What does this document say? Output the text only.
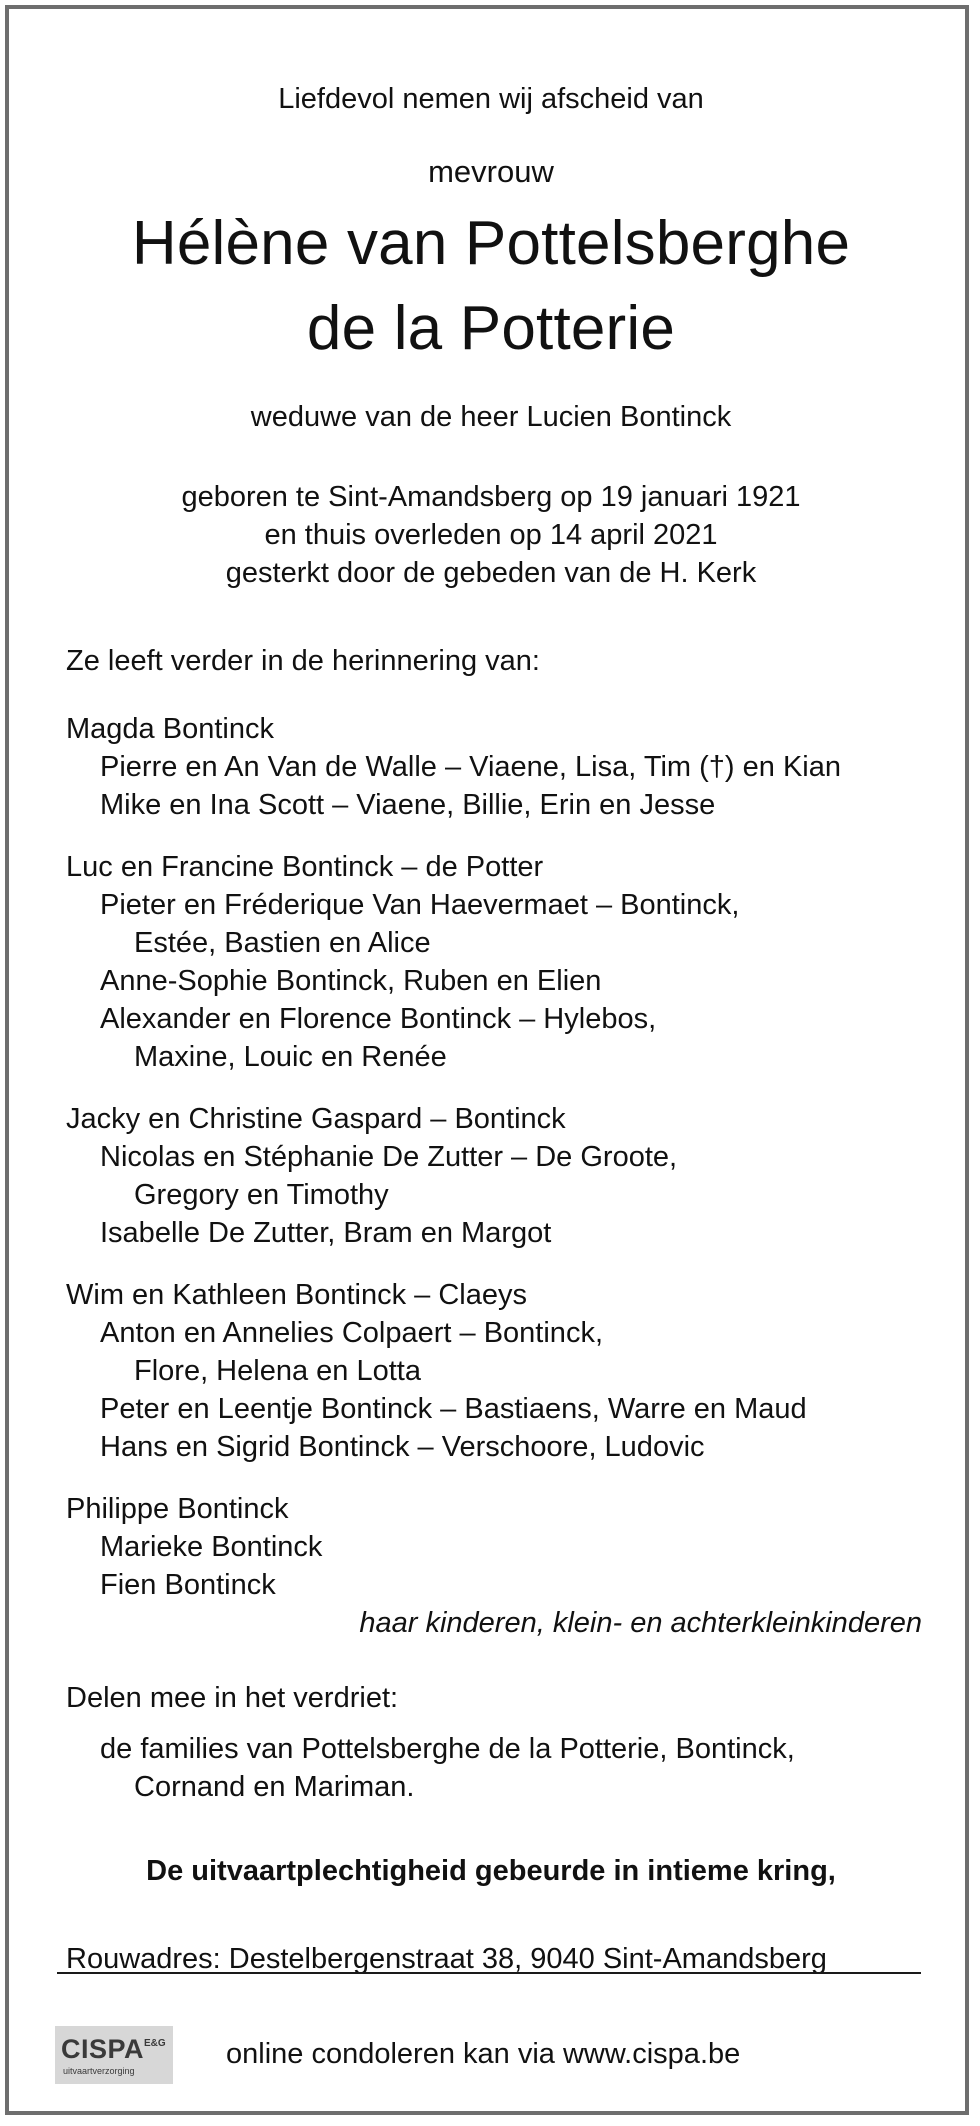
Liefdevol nemen wij afscheid van

mevrouw

Hélène van Pottelsberghe

de la Potterie

weduwe van de heer Lucien Bontinck

geboren te Sint-Amandsberg op 19 januari 1921

en thuis overleden op 14 april 2021

gesterkt door de gebeden van de H. Kerk

Ze leeft verder in de herinnering van:

Magda Bontinck

Pierre en An Van de Walle – Viaene, Lisa, Tim (†) en Kian

Mike en Ina Scott – Viaene, Billie, Erin en Jesse

Luc en Francine Bontinck – de Potter

Pieter en Fréderique Van Haevermaet – Bontinck,

Estée, Bastien en Alice

Anne-Sophie Bontinck, Ruben en Elien

Alexander en Florence Bontinck – Hylebos,

Maxine, Louic en Renée

Jacky en Christine Gaspard – Bontinck

Nicolas en Stéphanie De Zutter – De Groote,

Gregory en Timothy

Isabelle De Zutter, Bram en Margot

Wim en Kathleen Bontinck – Claeys

Anton en Annelies Colpaert – Bontinck,

Flore, Helena en Lotta

Peter en Leentje Bontinck – Bastiaens, Warre en Maud

Hans en Sigrid Bontinck – Verschoore, Ludovic

Philippe Bontinck

Marieke Bontinck

Fien Bontinck

haar kinderen, klein- en achterkleinkinderen

Delen mee in het verdriet:

de families van Pottelsberghe de la Potterie, Bontinck,

Cornand en Mariman.

De uitvaartplechtigheid gebeurde in intieme kring,

Rouwadres: Destelbergenstraat 38, 9040 Sint-Amandsberg

CISPA E&G
uitvaartverzorging

online condoleren kan via www.cispa.be
